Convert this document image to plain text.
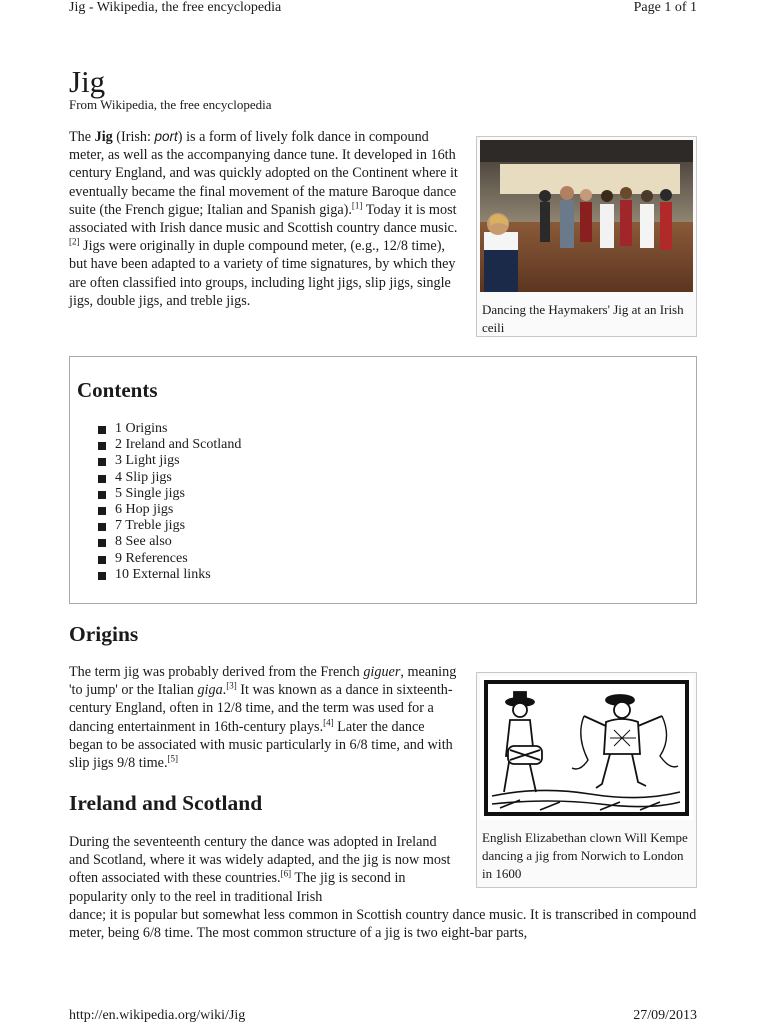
Jig - Wikipedia, the free encyclopedia	Page 1 of 1
Jig
From Wikipedia, the free encyclopedia

The Jig (Irish: port) is a form of lively folk dance in compound meter, as well as the accompanying dance tune. It developed in 16th century England, and was quickly adopted on the Continent where it eventually became the final movement of the mature Baroque dance suite (the French gigue; Italian and Spanish giga).[1] Today it is most associated with Irish dance music and Scottish country dance music.[2] Jigs were originally in duple compound meter, (e.g., 12/8 time), but have been adapted to a variety of time signatures, by which they are often classified into groups, including light jigs, slip jigs, single jigs, double jigs, and treble jigs.

Dancing the Haymakers' Jig at an Irish ceili
Contents
1 Origins
2 Ireland and Scotland
3 Light jigs
4 Slip jigs
5 Single jigs
6 Hop jigs
7 Treble jigs
8 See also
9 References
10 External links
Origins

The term jig was probably derived from the French giguer, meaning 'to jump' or the Italian giga.[3] It was known as a dance in sixteenth-century England, often in 12/8 time, and the term was used for a dancing entertainment in 16th-century plays.[4] Later the dance began to be associated with music particularly in 6/8 time, and with slip jigs 9/8 time.[5]

English Elizabethan clown Will Kempe dancing a jig from Norwich to London in 1600
Ireland and Scotland

During the seventeenth century the dance was adopted in Ireland and Scotland, where it was widely adapted, and the jig is now most often associated with these countries.[6] The jig is second in popularity only to the reel in traditional Irish
dance; it is popular but somewhat less common in Scottish country dance music. It is transcribed in compound meter, being 6/8 time. The most common structure of a jig is two eight-bar parts,

http://en.wikipedia.org/wiki/Jig	27/09/2013
